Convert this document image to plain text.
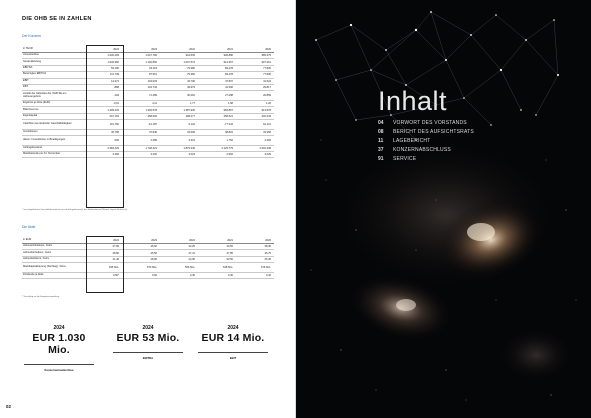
DIE OHB SE IN ZAHLEN
Der Konzern
in TEUR	2024	2023	2022	2021	2020
Umsatzerlöse	1.030.493	1.047.796	944.535	906.880	985.375
Gesamtleistung	1.030.982	1.102.860	1.007.574	914.367	997.461
EBITDA	53.190	62.119	79.382	83.478	77.836
Bereinigtes EBITDA	111.709	87.561	79.382	83.478	77.836
EBIT	14.374	103.003	43.796	47.837	41.624
EBT	-888	104.744	49.979	41.596	29.817
Anteile der Aktionäre der OHB SE am Jahresergebnis	-194	71.289	30.262	27.498	20.869
Ergebnis je Aktie (EUR)	-0,01	4,11	1,77	1,58	1,20
Bilanzsumme	1.399.233	1.345.578	1.387.935	966.867	913.578
Eigenkapital	607.163	458.902	398.277	258.621	232.244
Cashflow aus laufender Geschäftstätigkeit	101.766	-61.187	9.122	-77.344	64.121
Investitionen	36.768	37.840	33.599	38.891	33.356
davon: Investitionen in Beteiligungen	699	4.289	3.301	1.752	4.493
Auftragsbestand	2.383.429	1.748.421	1.879.345	2.129.779	2.602.338
Mitarbeitende per 31. Dezember	3.466	3.292	3.023	2.962	3.029
* aus fortgeführten Geschäftsbereichen; aus den Ergebnisse(n) des Bodenwasser/Wärme: Impuls Einheit (e)
Die Aktie
in EUR	2024	2023	2022	2021	2020
Jahresschlusskurs, Xetra	47,95	45,60	32,25	34,65	38,40
Jahreshöchstkurs, Xetra	48,80	45,50	37,41	47,85	46,75
Jahrestiefstkurs, Xetra	41,40	28,95	24,95	33,50	25,45
Marktkapitalisierung (Stichtag), Xetra	935 Mio.	870 Mio.	563 Mio.	628 Mio.	676 Mio.
Dividende je Aktie	0,60*	0,60	0,40	0,40	0,42
* Vorschlag an die Hauptversammlung
2024
EUR 1.030 Mio.
Konzernumsatzerlöse
2024
EUR 53 Mio.
EBITDA
2024
EUR 14 Mio.
EBIT
02
Inhalt
04	VORWORT DES VORSTANDS
08	BERICHT DES AUFSICHTSRATS
11	LAGEBERICHT
37	KONZERNABSCHLUSS
91	SERVICE
